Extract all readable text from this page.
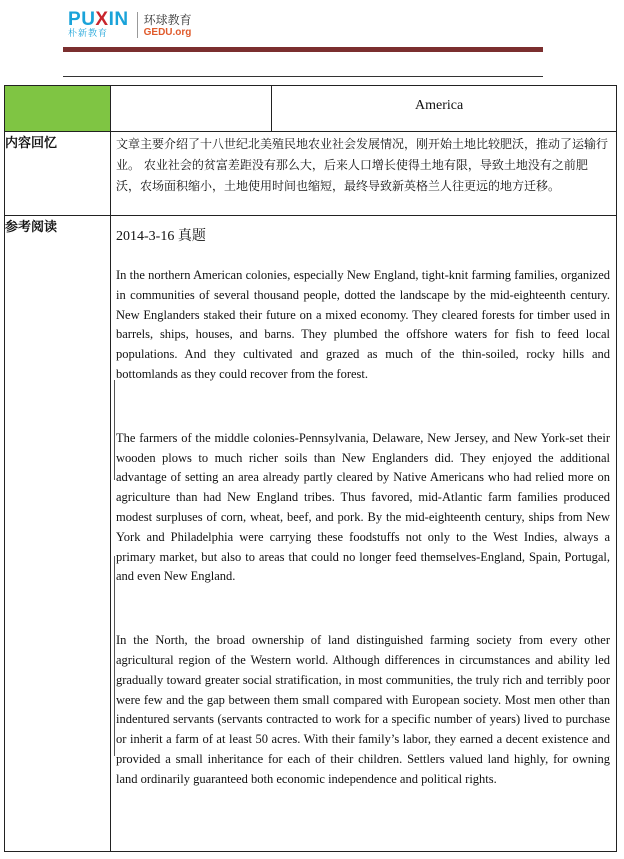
PUXIN
朴新教育
环球教育
GEDU.org

		America

内容回忆	文章主要介绍了十八世纪北美殖民地农业社会发展情况，刚开始土地比较肥沃，推动了运输行业。 农业社会的贫富差距没有那么大，后来人口增长使得土地有限，导致土地没有之前肥沃，农场面积缩小，土地使用时间也缩短，最终导致新英格兰人往更远的地方迁移。	

参考阅读	2014-3-16 真题

In the northern American colonies, especially New England, tight-knit farming families, organized in communities of several thousand people, dotted the landscape by the mid-eighteenth century. New Englanders staked their future on a mixed economy. They cleared forests for timber used in barrels, ships, houses, and barns. They plumbed the offshore waters for fish to feed local populations. And they cultivated and grazed as much of the thin-soiled, rocky hills and bottomlands as they could recover from the forest.

The farmers of the middle colonies-Pennsylvania, Delaware, New Jersey, and New York-set their wooden plows to much richer soils than New Englanders did. They enjoyed the additional advantage of setting an area already partly cleared by Native Americans who had relied more on agriculture than had New England tribes. Thus favored, mid-Atlantic farm families produced modest surpluses of corn, wheat, beef, and pork. By the mid-eighteenth century, ships from New York and Philadelphia were carrying these foodstuffs not only to the West Indies, always a primary market, but also to areas that could no longer feed themselves-England, Spain, Portugal, and even New England.

In the North, the broad ownership of land distinguished farming society from every other agricultural region of the Western world. Although differences in circumstances and ability led gradually toward greater social stratification, in most communities, the truly rich and terribly poor were few and the gap between them small compared with European society. Most men other than indentured servants (servants contracted to work for a specific number of years) lived to purchase or inherit a farm of at least 50 acres. With their family’s labor, they earned a decent existence and provided a small inheritance for each of their children. Settlers valued land highly, for owning land ordinarily guaranteed both economic independence and political rights.	
